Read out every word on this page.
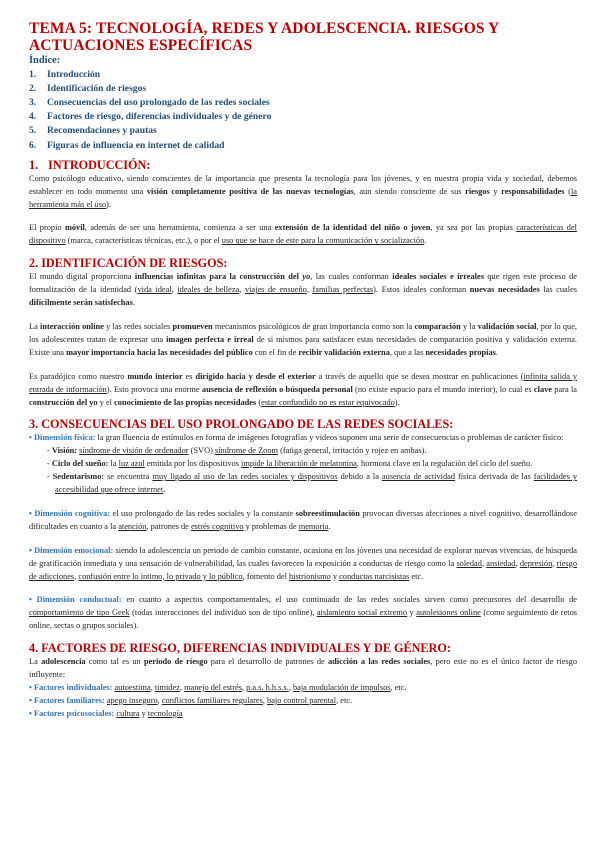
TEMA 5: TECNOLOGÍA, REDES Y ADOLESCENCIA. RIESGOS Y ACTUACIONES ESPECÍFICAS
Índice:
1. Introducción
2. Identificación de riesgos
3. Consecuencias del uso prolongado de las redes sociales
4. Factores de riesgo, diferencias individuales y de género
5. Recomendaciones y pautas
6. Figuras de influencia en internet de calidad
1. INTRODUCCIÓN:

Como psicólogo educativo, siendo conscientes de la importancia que presenta la tecnología para los jóvenes, y en nuestra propia vida y sociedad, debemos establecer en todo momento una visión completamente positiva de las nuevas tecnologías, aun siendo consciente de sus riesgos y responsabilidades (la herramienta más el uso).

El propio móvil, además de ser una herramienta, comienza a ser una extensión de la identidad del niño o joven, ya sea por las propias características del dispositivo (marca, características técnicas, etc.), o por el uso que se hace de este para la comunicación y socialización.

2. IDENTIFICACIÓN DE RIESGOS:

El mundo digital proporciona influencias infinitas para la construcción del yo, las cuales conforman ideales sociales e irreales que rigen este proceso de formalización de la identidad (vida ideal, ideales de belleza, viajes de ensueño, familias perfectas). Estos ideales conforman nuevas necesidades las cuales difícilmente serán satisfechas.

La interacción online y las redes sociales promueven mecanismos psicológicos de gran importancia como son la comparación y la validación social, por lo que, los adolescentes tratan de expresar una imagen perfecta e irreal de si mismos para satisfacer estas necesidades de comparación positiva y validación externa. Existe una mayor importancia hacia las necesidades del público con el fin de recibir validación externa, que a las necesidades propias.

Es paradójico como nuestro mundo interior es dirigido hacia y desde el exterior a través de aquello que se desea mostrar en publicaciones (infinita salida y entrada de información). Esto provoca una enorme ausencia de reflexión o búsqueda personal (no existe espacio para el mundo interior), lo cual es clave para la construcción del yo y el conocimiento de las propias necesidades (estar confundido no es estar equivocado).

3. CONSECUENCIAS DEL USO PROLONGADO DE LAS REDES SOCIALES:

• Dimensión física: la gran fluencia de estímulos en forma de imágenes fotografías y videos suponen una serie de consecuencias o problemas de carácter físico:

- Visión: síndrome de visión de ordenador (SVO) síndrome de Zoom (fatiga general, irritación y rojez en ambas).

- Ciclo del sueño: la luz azul emitida por los dispositivos impide la liberación de melatonina, hormona clave en la regulación del ciclo del sueño.

- Sedentarismo: se encuentra muy ligado al uso de las redes sociales y dispositivos debido a la ausencia de actividad física derivada de las facilidades y accesibilidad que ofrece internet.

• Dimensión cognitiva: el uso prolongado de las redes sociales y la constante sobreestimulación provocan diversas afecciones a nivel cognitivo, desarrollándose dificultades en cuanto a la atención, patrones de estrés cognitivo y problemas de memoria.

• Dimensión emocional: siendo la adolescencia un periodo de cambio constante, ocasiona en los jóvenes una necesidad de explorar nuevas vivencias, de búsqueda de gratificación inmediata y una sensación de vulnerabilidad, las cuales favorecen la exposición a conductas de riesgo como la soledad, ansiedad, depresión, riesgo de adicciones, confusión entre lo íntimo, lo privado y lo público, fomento del histrionismo y conductas narcisistas etc.

• Dimensión conductual: en cuanto a aspectos comportamentales, el uso continuado de las redes sociales sirven como precursores del desarrollo de comportamiento de tipo Geek (todas interacciones del individuo son de tipo online), aislamiento social extremo y autolesiones online (como seguimiento de retos online, sectas o grupos sociales).

4. FACTORES DE RIESGO, DIFERENCIAS INDIVIDUALES Y DE GÉNERO:

La adolescencia como tal es un periodo de riesgo para el desarrollo de patrones de adicción a las redes sociales, pero este no es el único factor de riesgo influyente:

• Factores individuales: autoestima, timidez, manejo del estrés, p.a.s. h.h.s.s., baja modulación de impulsos, etc.

• Factores familiares: apego inseguro, conflictos familiares regulares, bajo control parental, etc.

• Factores psicosociales: cultura y tecnología
